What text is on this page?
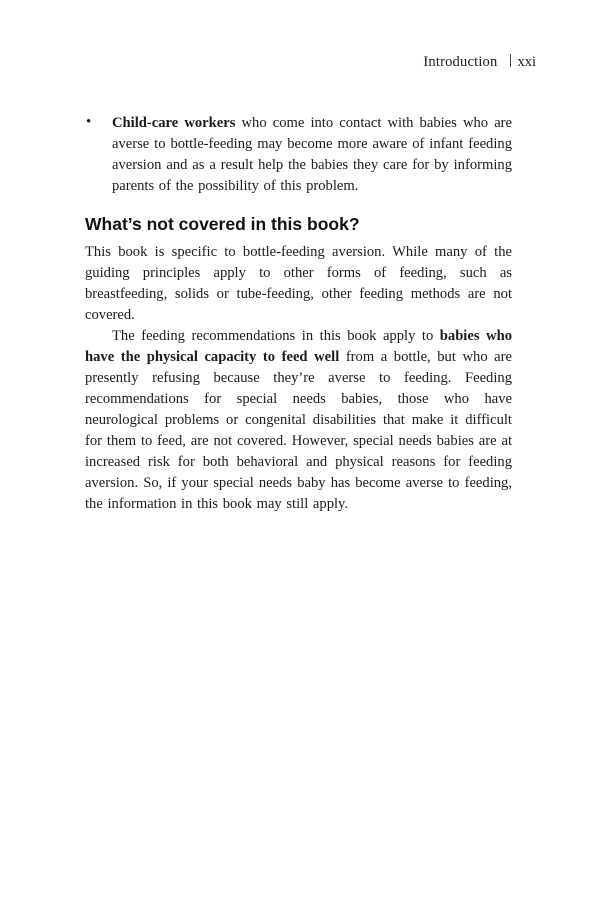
Introduction xxi
• Child-care workers who come into contact with babies who are averse to bottle-feeding may become more aware of infant feeding aversion and as a result help the babies they care for by informing parents of the possibility of this problem.
What’s not covered in this book?

This book is specific to bottle-feeding aversion. While many of the guiding principles apply to other forms of feeding, such as breastfeeding, solids or tube-feeding, other feeding methods are not covered.

The feeding recommendations in this book apply to babies who have the physical capacity to feed well from a bottle, but who are presently refusing because they’re averse to feeding. Feeding recommendations for special needs babies, those who have neurological problems or congenital disabilities that make it difficult for them to feed, are not covered. However, special needs babies are at increased risk for both behavioral and physical reasons for feeding aversion. So, if your special needs baby has become averse to feeding, the information in this book may still apply.
